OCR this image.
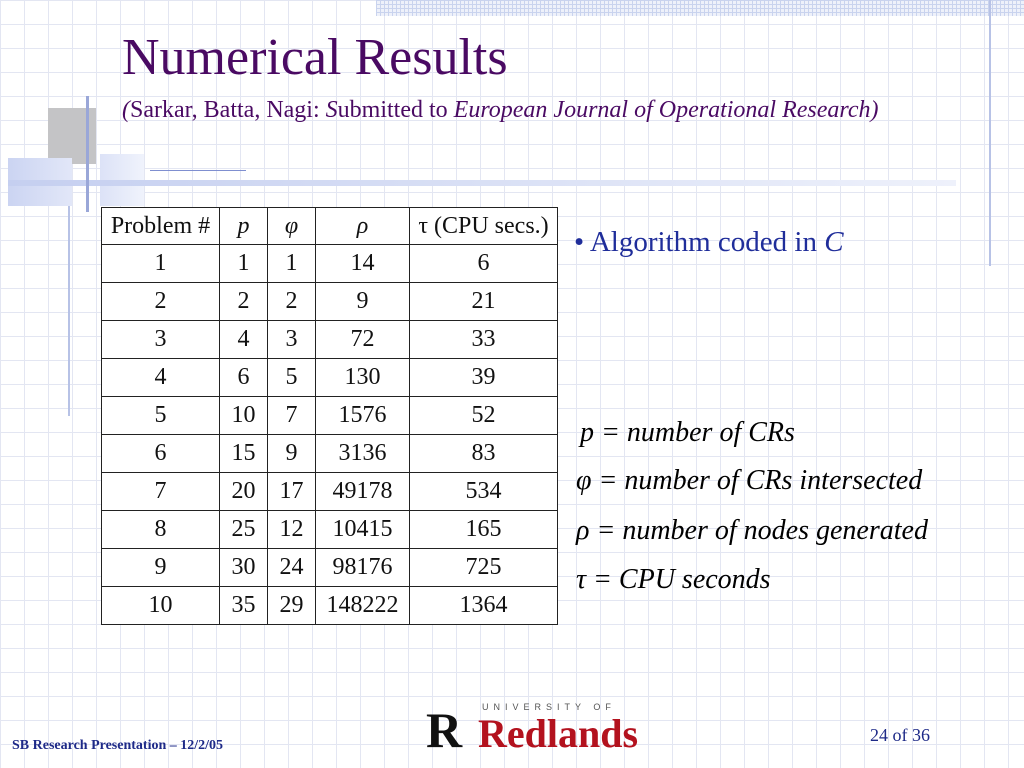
Numerical Results
(Sarkar, Batta, Nagi: Submitted to European Journal of Operational Research)
Problem #	p	φ	ρ	τ (CPU secs.)
1	1	1	14	6
2	2	2	9	21
3	4	3	72	33
4	6	5	130	39
5	10	7	1576	52
6	15	9	3136	83
7	20	17	49178	534
8	25	12	10415	165
9	30	24	98176	725
10	35	29	148222	1364
• Algorithm coded in C
p = number of CRs
φ = number of CRs intersected
ρ = number of nodes generated
τ = CPU seconds
R	UNIVERSITY OF
Redlands
SB Research Presentation – 12/2/05
24 of 36
